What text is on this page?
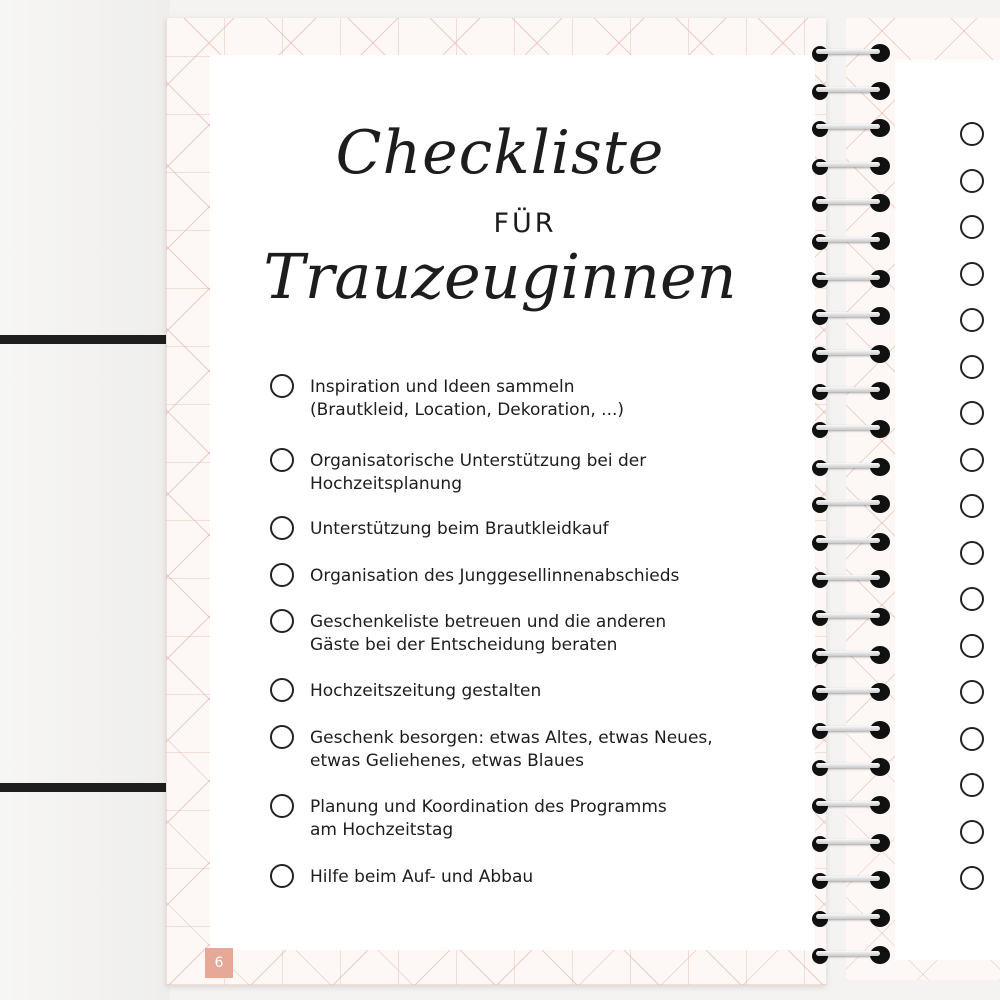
Checkliste
FÜR
Trauzeuginnen
Inspiration und Ideen sammeln
(Brautkleid, Location, Dekoration, ...)
Organisatorische Unterstützung bei der
Hochzeitsplanung
Unterstützung beim Brautkleidkauf
Organisation des Junggesellinnenabschieds
Geschenkeliste betreuen und die anderen
Gäste bei der Entscheidung beraten
Hochzeitszeitung gestalten
Geschenk besorgen: etwas Altes, etwas Neues,
etwas Geliehenes, etwas Blaues
Planung und Koordination des Programms
am Hochzeitstag
Hilfe beim Auf- und Abbau
6
